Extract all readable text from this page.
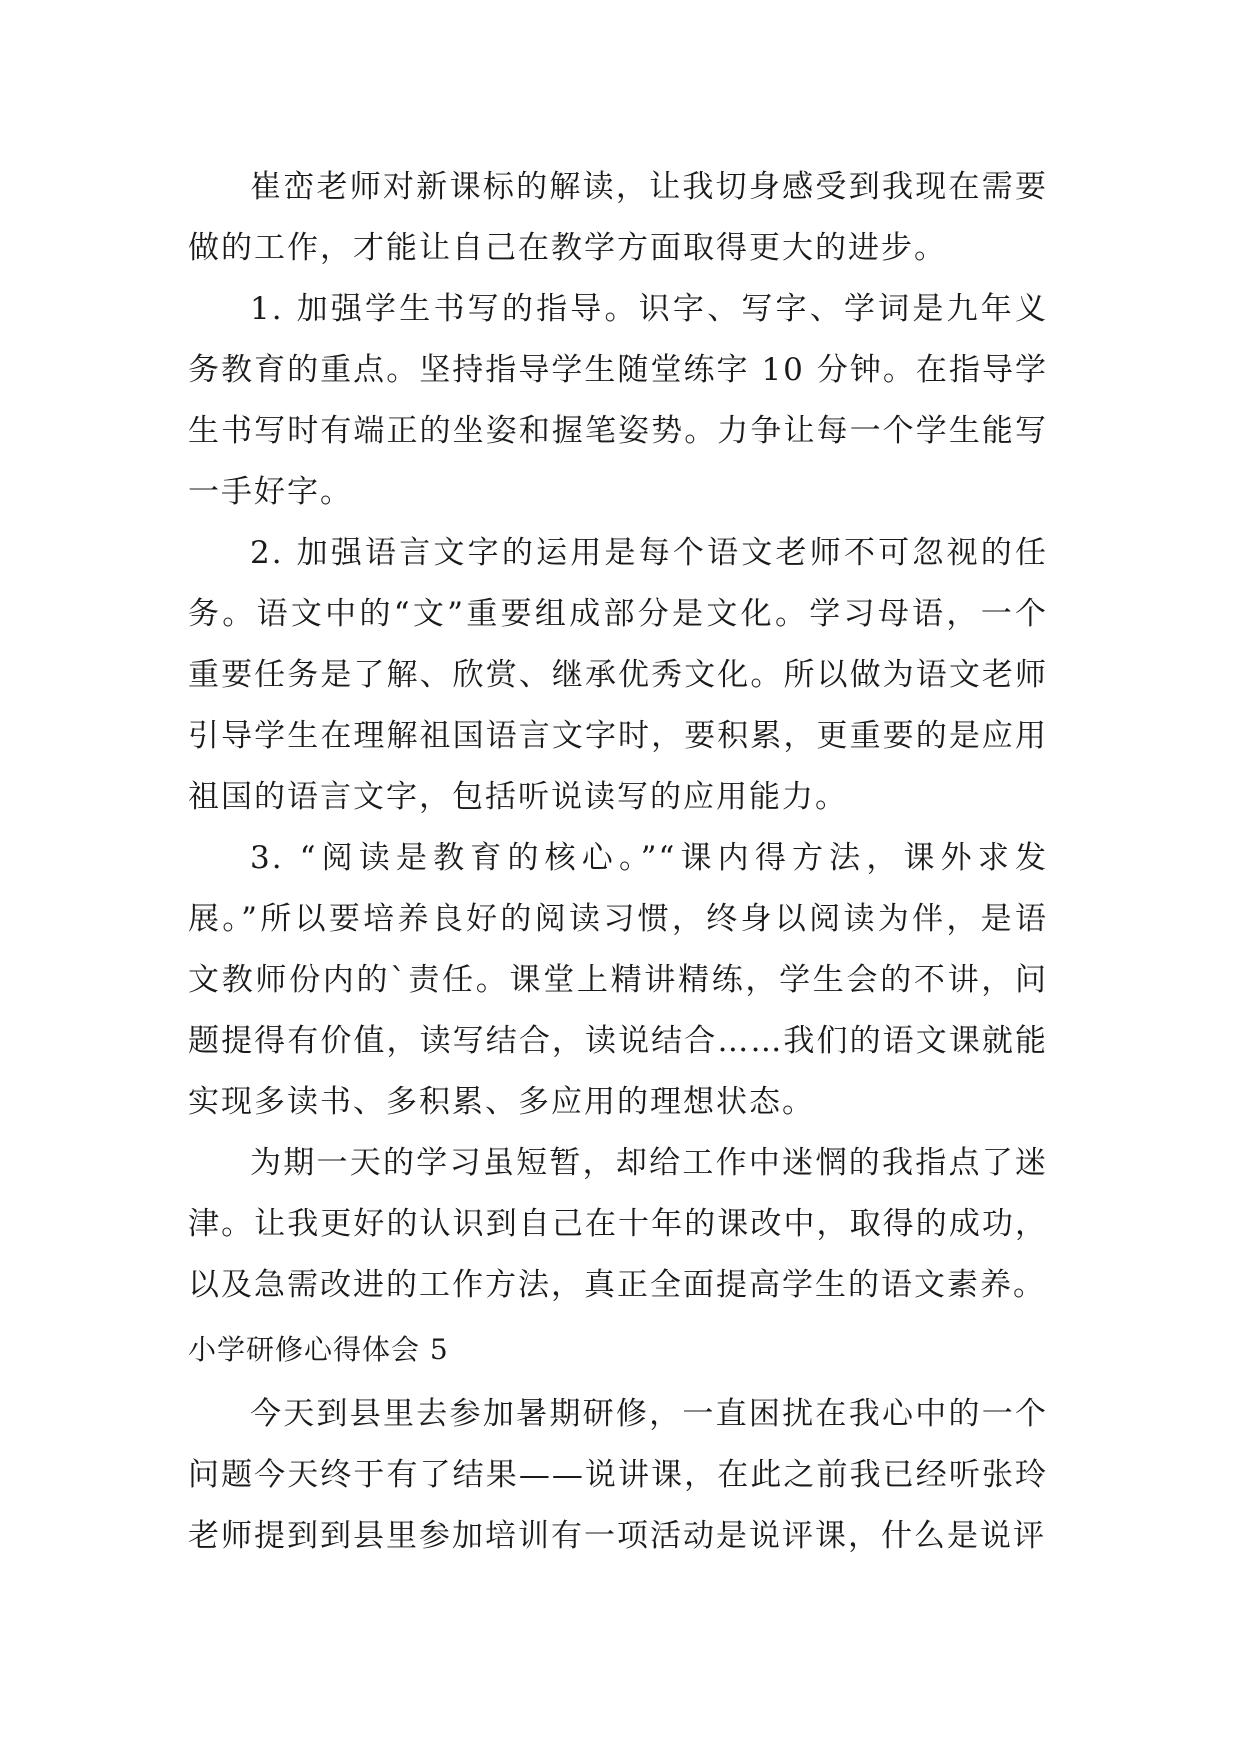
崔峦老师对新课标的解读，让我切身感受到我现在需要做的工作，才能让自己在教学方面取得更大的进步。

1. 加强学生书写的指导。识字、写字、学词是九年义务教育的重点。坚持指导学生随堂练字 10 分钟。在指导学生书写时有端正的坐姿和握笔姿势。力争让每一个学生能写一手好字。

2. 加强语言文字的运用是每个语文老师不可忽视的任务。语文中的“文”重要组成部分是文化。学习母语，一个重要任务是了解、欣赏、继承优秀文化。所以做为语文老师引导学生在理解祖国语言文字时，要积累，更重要的是应用祖国的语言文字，包括听说读写的应用能力。

3. “阅读是教育的核心。”“课内得方法，课外求发展。”所以要培养良好的阅读习惯，终身以阅读为伴，是语文教师份内的`责任。课堂上精讲精练，学生会的不讲，问题提得有价值，读写结合，读说结合……我们的语文课就能实现多读书、多积累、多应用的理想状态。

为期一天的学习虽短暂，却给工作中迷惘的我指点了迷津。让我更好的认识到自己在十年的课改中，取得的成功，以及急需改进的工作方法，真正全面提高学生的语文素养。

小学研修心得体会 5

今天到县里去参加暑期研修，一直困扰在我心中的一个问题今天终于有了结果——说讲课，在此之前我已经听张玲老师提到到县里参加培训有一项活动是说评课，什么是说评
